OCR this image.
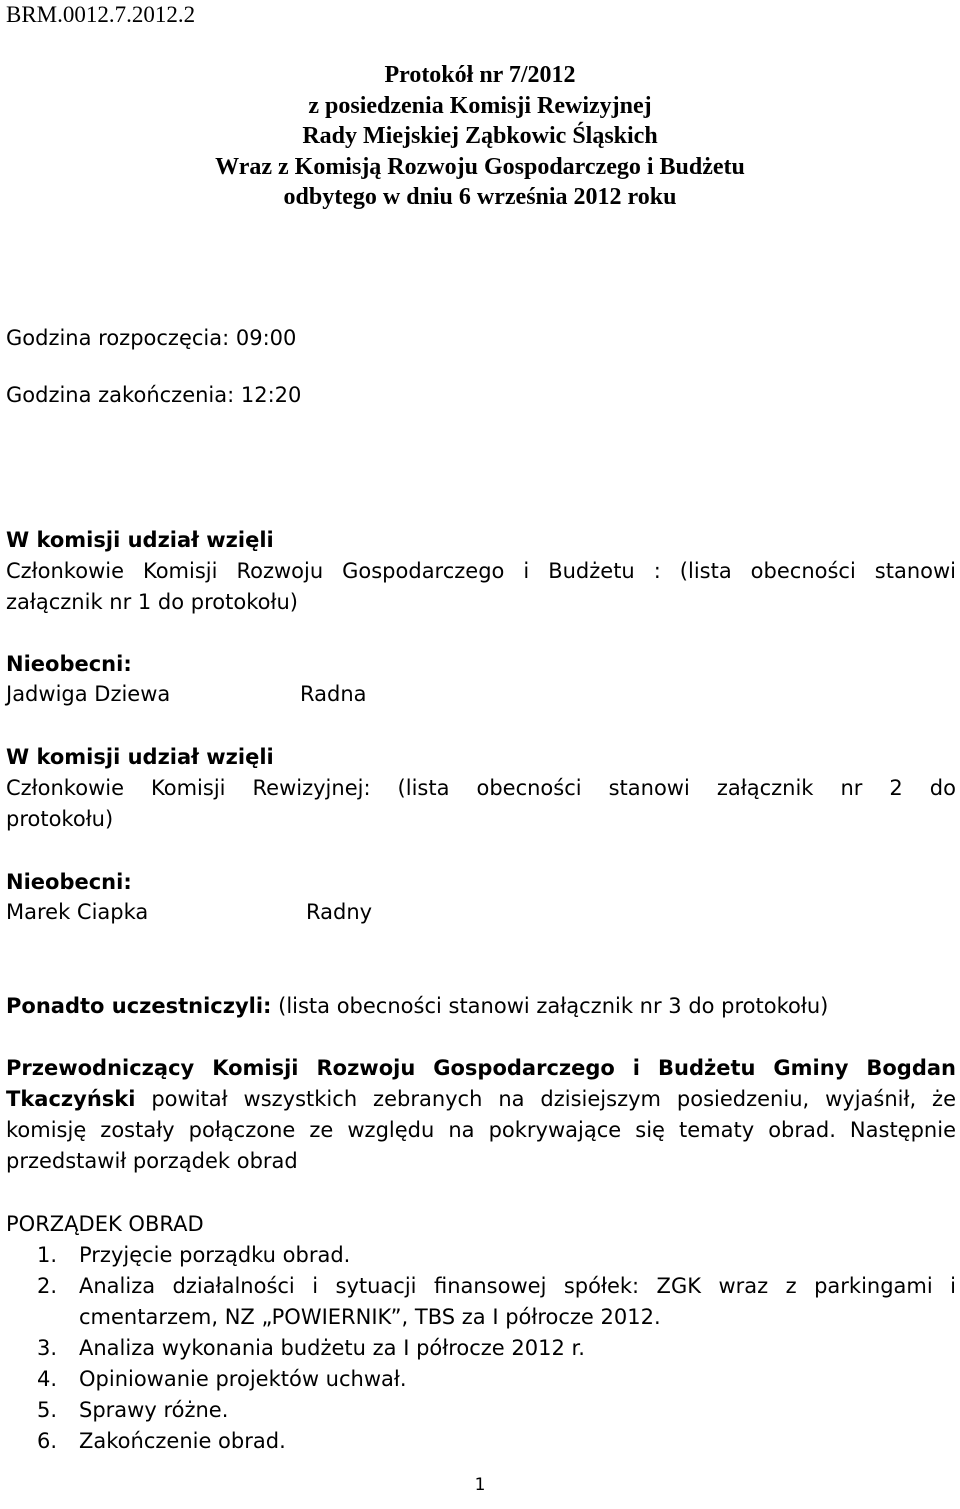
BRM.0012.7.2012.2
Protokół nr 7/2012
z posiedzenia Komisji Rewizyjnej
Rady Miejskiej Ząbkowic Śląskich
Wraz z Komisją Rozwoju Gospodarczego i Budżetu
odbytego w dniu 6 września 2012 roku
Godzina rozpoczęcia: 09:00
Godzina zakończenia: 12:20
W komisji udział wzięli
Członkowie Komisji Rozwoju Gospodarczego i Budżetu : (lista obecności stanowi
załącznik nr 1 do protokołu)
Nieobecni:
Jadwiga Dziewa	Radna
W komisji udział wzięli
Członkowie Komisji Rewizyjnej: (lista obecności stanowi załącznik nr 2 do
protokołu)
Nieobecni:
Marek Ciapka	Radny
Ponadto uczestniczyli: (lista obecności stanowi załącznik nr 3 do protokołu)
Przewodniczący Komisji Rozwoju Gospodarczego i Budżetu Gminy Bogdan
Tkaczyński powitał wszystkich zebranych na dzisiejszym posiedzeniu, wyjaśnił, że
komisję zostały połączone ze względu na pokrywające się tematy obrad. Następnie
przedstawił porządek obrad
PORZĄDEK OBRAD
1. Przyjęcie porządku obrad.
2. Analiza działalności i sytuacji finansowej spółek: ZGK wraz z parkingami i
cmentarzem, NZ „POWIERNIK”, TBS za I półrocze 2012.
3. Analiza wykonania budżetu za I półrocze 2012 r.
4. Opiniowanie projektów uchwał.
5. Sprawy różne.
6. Zakończenie obrad.
1
